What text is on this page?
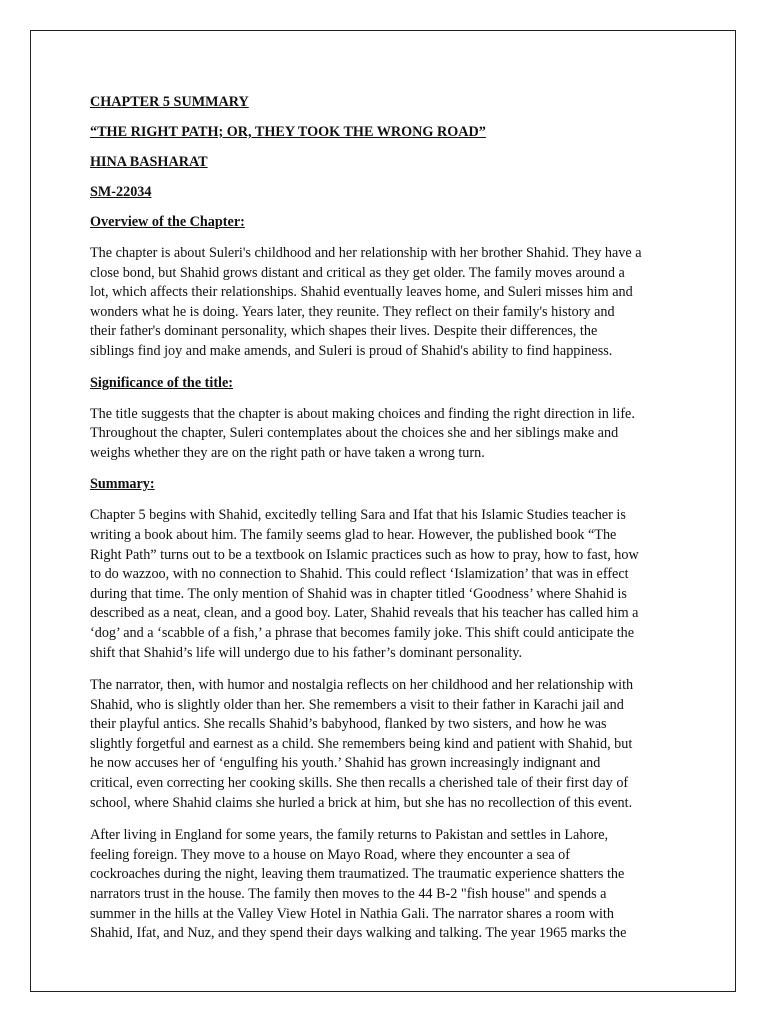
CHAPTER 5 SUMMARY
“THE RIGHT PATH; OR, THEY TOOK THE WRONG ROAD”
HINA BASHARAT
SM-22034
Overview of the Chapter:
The chapter is about Suleri's childhood and her relationship with her brother Shahid. They have a
close bond, but Shahid grows distant and critical as they get older. The family moves around a
lot, which affects their relationships. Shahid eventually leaves home, and Suleri misses him and
wonders what he is doing. Years later, they reunite. They reflect on their family's history and
their father's dominant personality, which shapes their lives. Despite their differences, the
siblings find joy and make amends, and Suleri is proud of Shahid's ability to find happiness.
Significance of the title:
The title suggests that the chapter is about making choices and finding the right direction in life.
Throughout the chapter, Suleri contemplates about the choices she and her siblings make and
weighs whether they are on the right path or have taken a wrong turn.
Summary:
Chapter 5 begins with Shahid, excitedly telling Sara and Ifat that his Islamic Studies teacher is
writing a book about him. The family seems glad to hear. However, the published book “The
Right Path” turns out to be a textbook on Islamic practices such as how to pray, how to fast, how
to do wazzoo, with no connection to Shahid. This could reflect ‘Islamization’ that was in effect
during that time. The only mention of Shahid was in chapter titled ‘Goodness’ where Shahid is
described as a neat, clean, and a good boy. Later, Shahid reveals that his teacher has called him a
‘dog’ and a ‘scabble of a fish,’ a phrase that becomes family joke. This shift could anticipate the
shift that Shahid’s life will undergo due to his father’s dominant personality.
The narrator, then, with humor and nostalgia reflects on her childhood and her relationship with
Shahid, who is slightly older than her. She remembers a visit to their father in Karachi jail and
their playful antics. She recalls Shahid’s babyhood, flanked by two sisters, and how he was
slightly forgetful and earnest as a child. She remembers being kind and patient with Shahid, but
he now accuses her of ‘engulfing his youth.’ Shahid has grown increasingly indignant and
critical, even correcting her cooking skills. She then recalls a cherished tale of their first day of
school, where Shahid claims she hurled a brick at him, but she has no recollection of this event.
After living in England for some years, the family returns to Pakistan and settles in Lahore,
feeling foreign. They move to a house on Mayo Road, where they encounter a sea of
cockroaches during the night, leaving them traumatized. The traumatic experience shatters the
narrators trust in the house. The family then moves to the 44 B-2 "fish house" and spends a
summer in the hills at the Valley View Hotel in Nathia Gali. The narrator shares a room with
Shahid, Ifat, and Nuz, and they spend their days walking and talking. The year 1965 marks the
